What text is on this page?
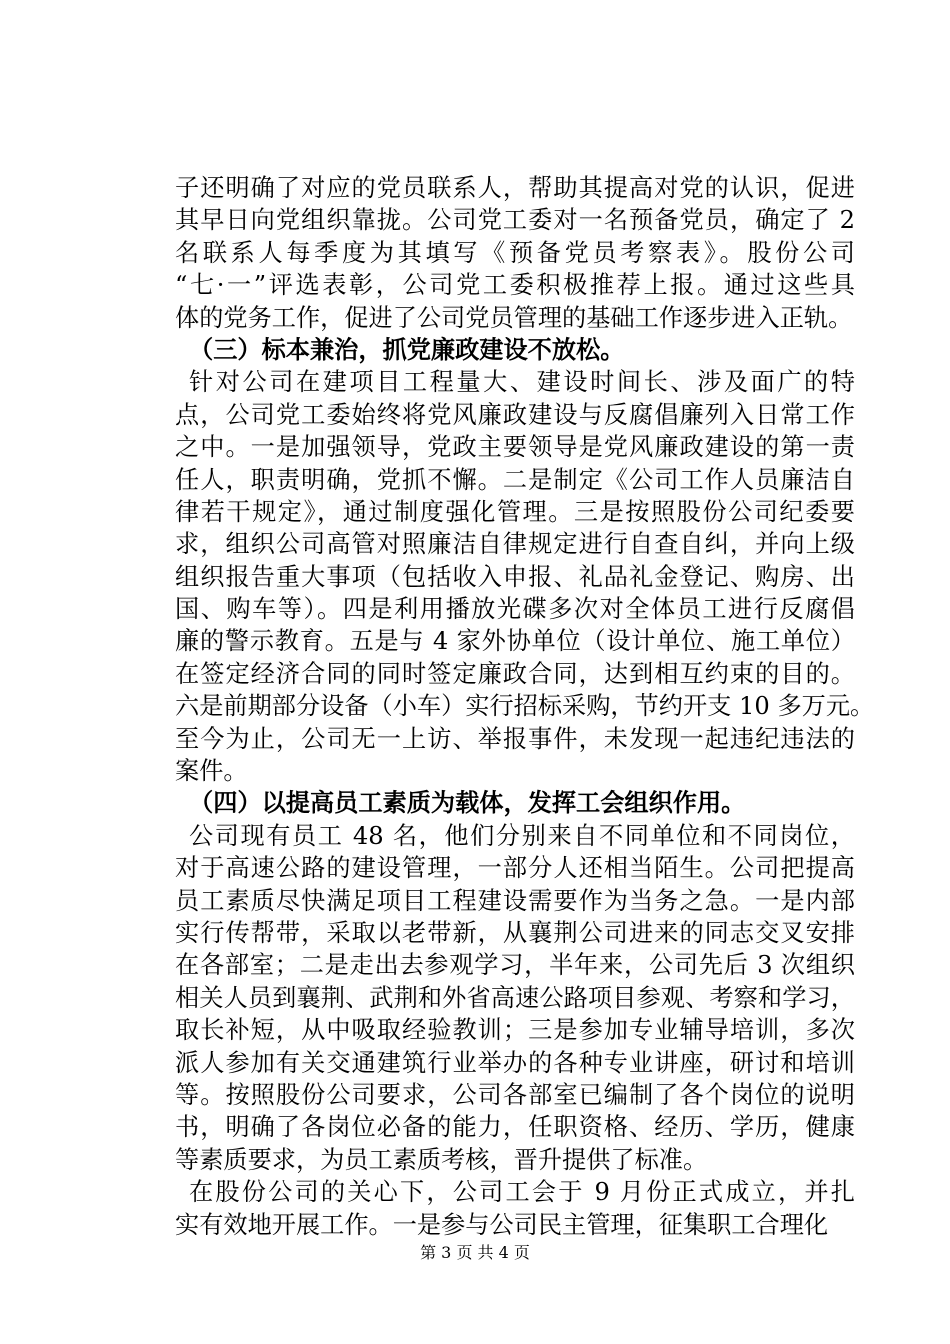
子还明确了对应的党员联系人，帮助其提高对党的认识，促进
其早日向党组织靠拢。公司党工委对一名预备党员，确定了 2
名联系人每季度为其填写《预备党员考察表》。股份公司
“七·一”评选表彰，公司党工委积极推荐上报。通过这些具
体的党务工作，促进了公司党员管理的基础工作逐步进入正轨。
（三）标本兼治，抓党廉政建设不放松。
针对公司在建项目工程量大、建设时间长、涉及面广的特
点，公司党工委始终将党风廉政建设与反腐倡廉列入日常工作
之中。一是加强领导，党政主要领导是党风廉政建设的第一责
任人，职责明确，党抓不懈。二是制定《公司工作人员廉洁自
律若干规定》，通过制度强化管理。三是按照股份公司纪委要
求，组织公司高管对照廉洁自律规定进行自查自纠，并向上级
组织报告重大事项（包括收入申报、礼品礼金登记、购房、出
国、购车等）。四是利用播放光碟多次对全体员工进行反腐倡
廉的警示教育。五是与 4 家外协单位（设计单位、施工单位）
在签定经济合同的同时签定廉政合同，达到相互约束的目的。
六是前期部分设备（小车）实行招标采购，节约开支 10 多万元。
至今为止，公司无一上访、举报事件，未发现一起违纪违法的
案件。
（四）以提高员工素质为载体，发挥工会组织作用。
公司现有员工 48 名，他们分别来自不同单位和不同岗位，
对于高速公路的建设管理，一部分人还相当陌生。公司把提高
员工素质尽快满足项目工程建设需要作为当务之急。一是内部
实行传帮带，采取以老带新，从襄荆公司进来的同志交叉安排
在各部室；二是走出去参观学习，半年来，公司先后 3 次组织
相关人员到襄荆、武荆和外省高速公路项目参观、考察和学习，
取长补短，从中吸取经验教训；三是参加专业辅导培训，多次
派人参加有关交通建筑行业举办的各种专业讲座，研讨和培训
等。按照股份公司要求，公司各部室已编制了各个岗位的说明
书，明确了各岗位必备的能力，任职资格、经历、学历，健康
等素质要求，为员工素质考核，晋升提供了标准。
在股份公司的关心下，公司工会于 9 月份正式成立，并扎
实有效地开展工作。一是参与公司民主管理，征集职工合理化
第 3 页 共 4 页
